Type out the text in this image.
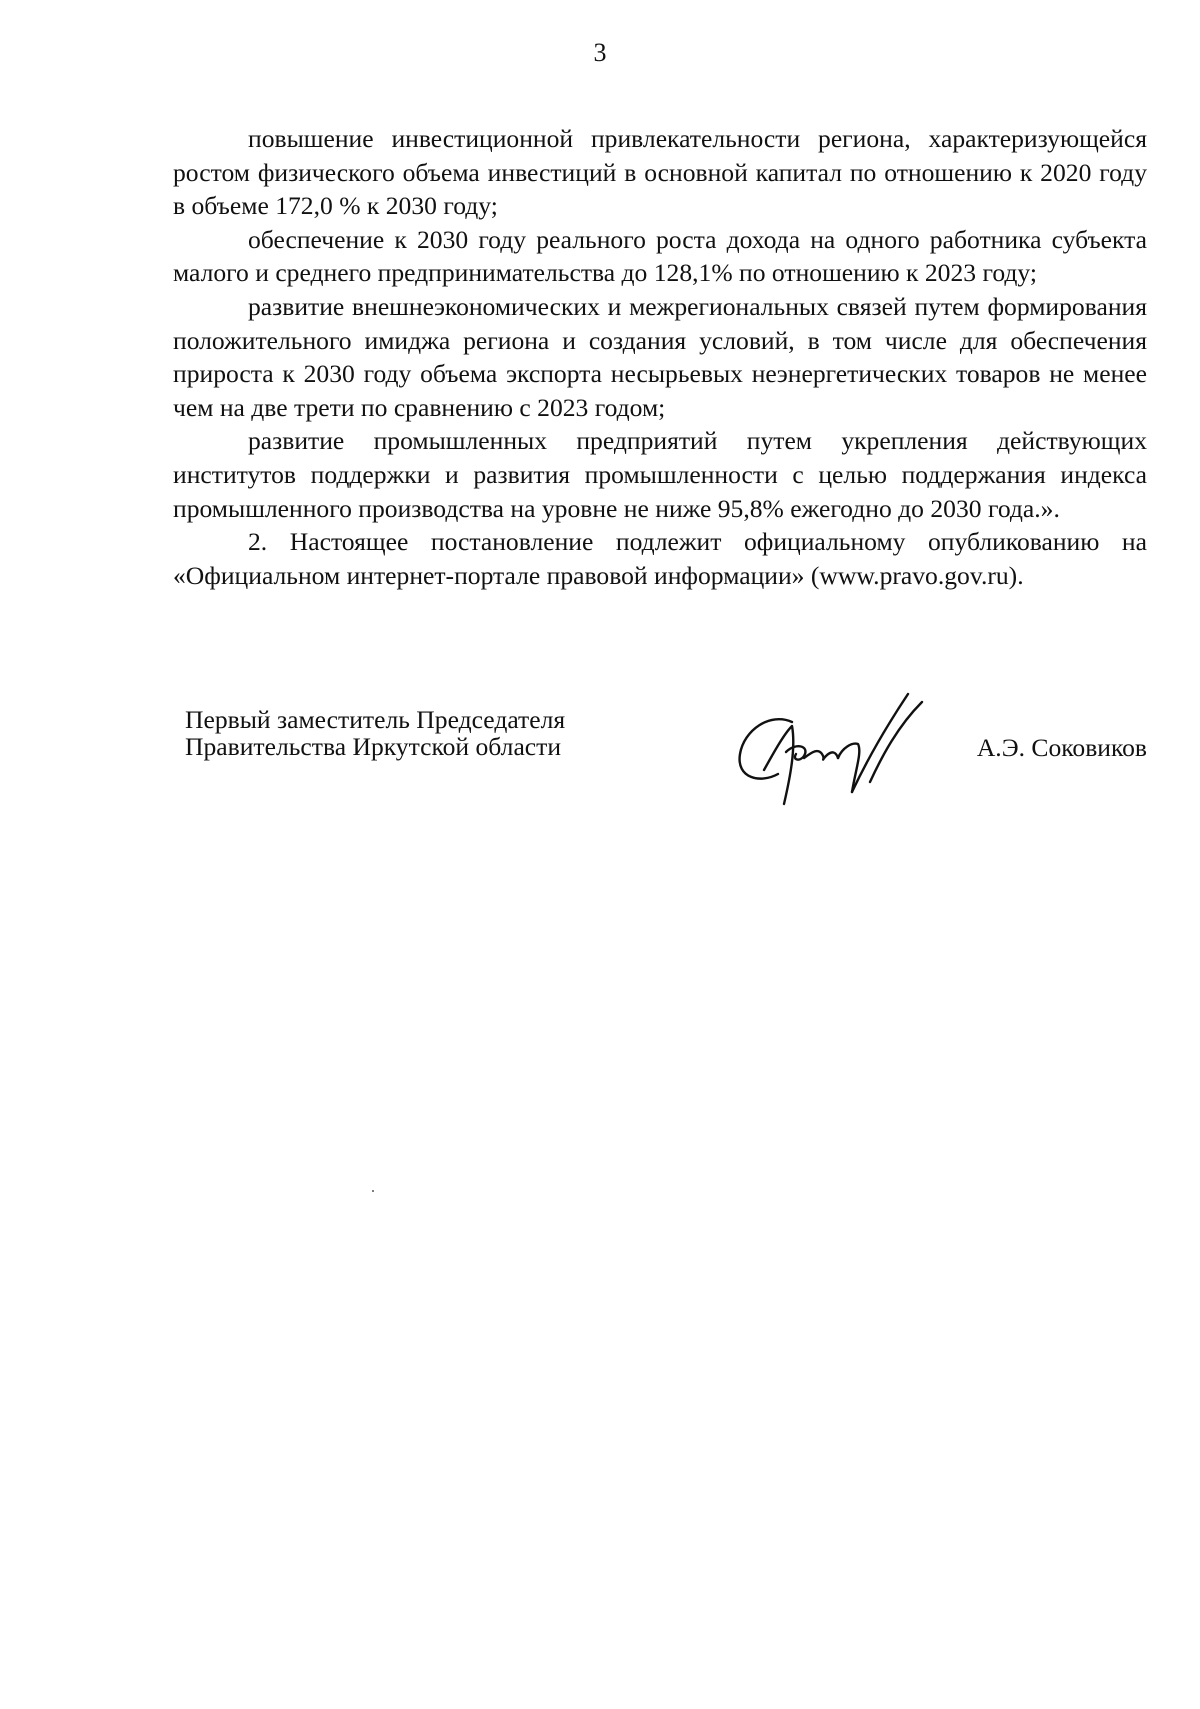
3

повышение инвестиционной привлекательности региона, характеризующейся ростом физического объема инвестиций в основной капитал по отношению к 2020 году в объеме 172,0 % к 2030 году;

обеспечение к 2030 году реального роста дохода на одного работника субъекта малого и среднего предпринимательства до 128,1% по отношению к 2023 году;

развитие внешнеэкономических и межрегиональных связей путем формирования положительного имиджа региона и создания условий, в том числе для обеспечения прироста к 2030 году объема экспорта несырьевых неэнергетических товаров не менее чем на две трети по сравнению с 2023 годом;

развитие промышленных предприятий путем укрепления действующих институтов поддержки и развития промышленности с целью поддержания индекса промышленного производства на уровне не ниже 95,8% ежегодно до 2030 года.».

2. Настоящее постановление подлежит официальному опубликованию на «Официальном интернет-портале правовой информации» (www.pravo.gov.ru).

Первый заместитель Председателя
Правительства Иркутской области	А.Э. Соковиков
